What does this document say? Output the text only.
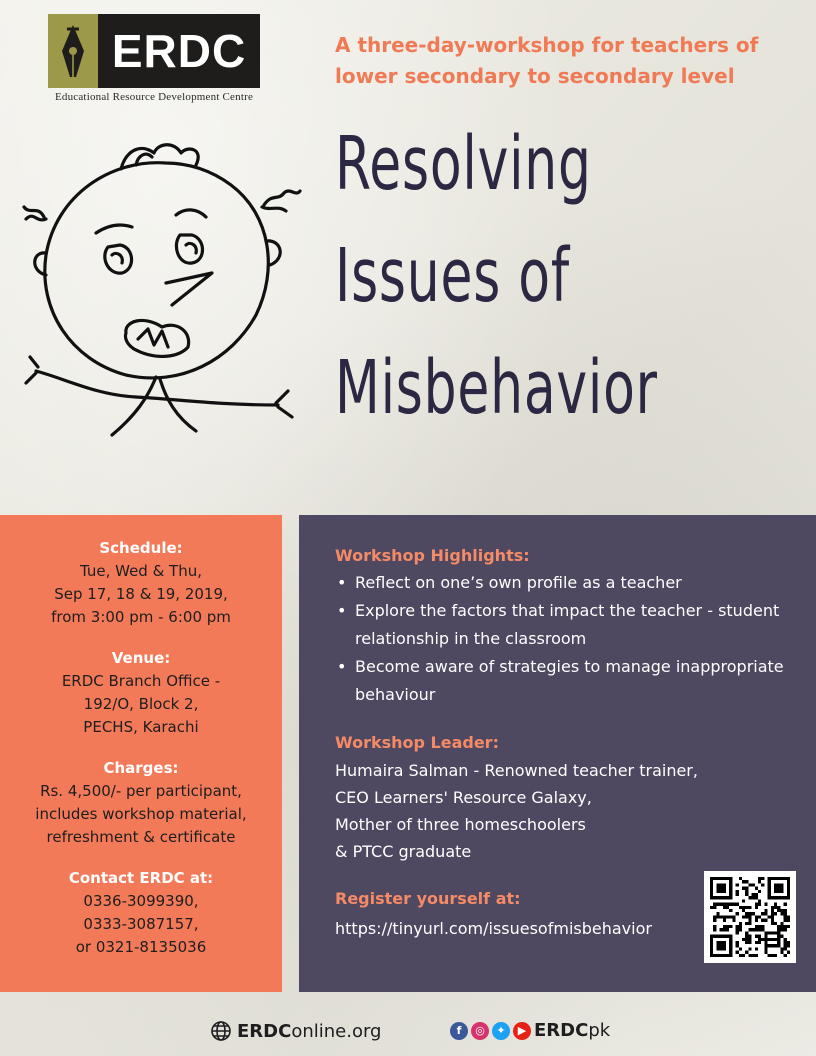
ERDC
Educational Resource Development Centre
A three-day-workshop for teachers of lower secondary to secondary level
Resolving
Issues of
Misbehavior
Schedule:
Tue, Wed & Thu,
Sep 17, 18 & 19, 2019,
from 3:00 pm - 6:00 pm
Venue:
ERDC Branch Office -
192/O, Block 2,
PECHS, Karachi
Charges:
Rs. 4,500/- per participant,
includes workshop material,
refreshment & certificate
Contact ERDC at:
0336-3099390,
0333-3087157,
or 0321-8135036
Workshop Highlights:
• Reflect on one’s own profile as a teacher
• Explore the factors that impact the teacher - student relationship in the classroom
• Become aware of strategies to manage inappropriate behaviour
Workshop Leader:
Humaira Salman - Renowned teacher trainer,
CEO Learners' Resource Galaxy,
Mother of three homeschoolers
& PTCC graduate
Register yourself at:
https://tinyurl.com/issuesofmisbehavior
ERDConline.org	f	◎	✦	▶ ERDCpk
